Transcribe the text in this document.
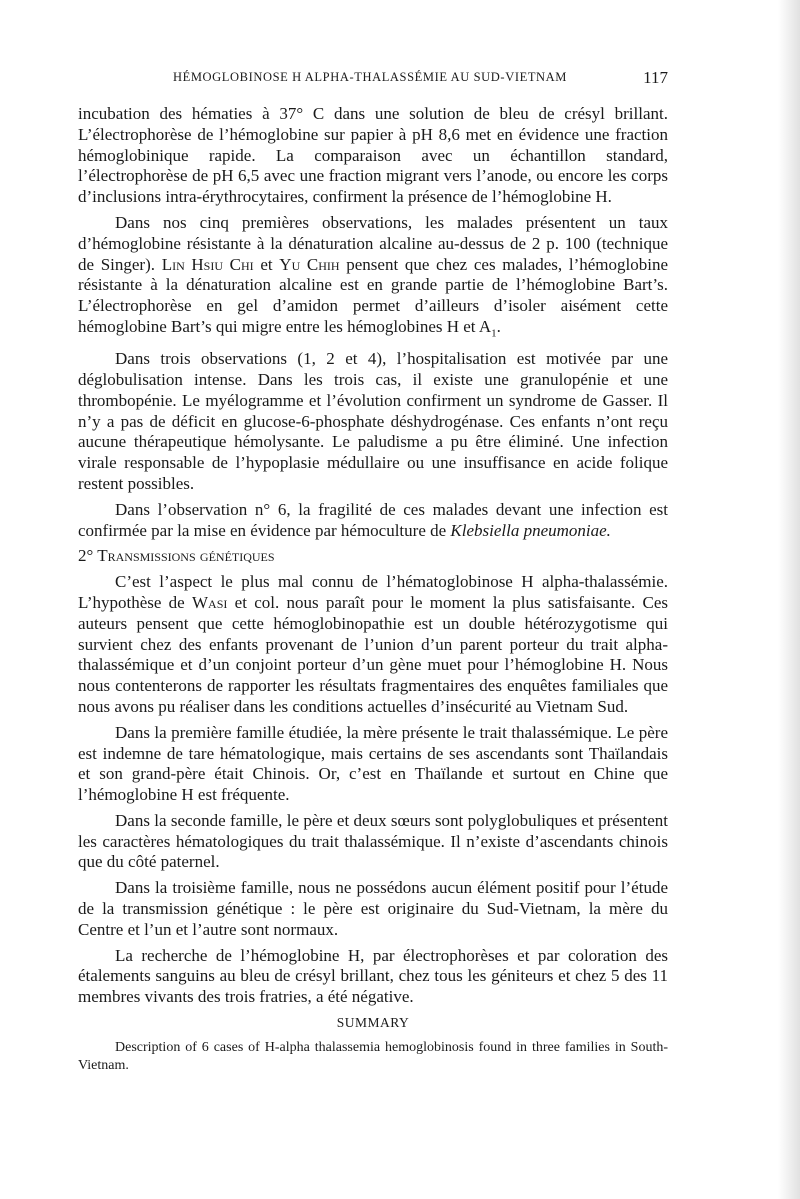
HÉMOGLOBINOSE H ALPHA-THALASSÉMIE AU SUD-VIETNAM	117

incubation des hématies à 37° C dans une solution de bleu de crésyl brillant. L’électrophorèse de l’hémoglobine sur papier à pH 8,6 met en évidence une fraction hémoglobinique rapide. La comparaison avec un échantillon standard, l’électrophorèse de pH 6,5 avec une fraction migrant vers l’anode, ou encore les corps d’inclusions intra-érythrocytaires, confirment la présence de l’hémoglobine H.

Dans nos cinq premières observations, les malades présentent un taux d’hémoglobine résistante à la dénaturation alcaline au-dessus de 2 p. 100 (technique de Singer). Lin Hsiu Chi et Yu Chih pensent que chez ces malades, l’hémoglobine résistante à la dénaturation alcaline est en grande partie de l’hémoglobine Bart’s. L’électrophorèse en gel d’amidon permet d’ailleurs d’isoler aisément cette hémoglobine Bart’s qui migre entre les hémoglobines H et $A_1$.

Dans trois observations (1, 2 et 4), l’hospitalisation est motivée par une déglobulisation intense. Dans les trois cas, il existe une granulopénie et une thrombopénie. Le myélogramme et l’évolution confirment un syndrome de Gasser. Il n’y a pas de déficit en glucose-6-phosphate déshydrogénase. Ces enfants n’ont reçu aucune thérapeutique hémolysante. Le paludisme a pu être éliminé. Une infection virale responsable de l’hypoplasie médullaire ou une insuffisance en acide folique restent possibles.

Dans l’observation n° 6, la fragilité de ces malades devant une infection est confirmée par la mise en évidence par hémoculture de Klebsiella pneumoniae.

2° Transmissions génétiques

C’est l’aspect le plus mal connu de l’hématoglobinose H alpha-thalassémie. L’hypothèse de Wasi et col. nous paraît pour le moment la plus satisfaisante. Ces auteurs pensent que cette hémoglobinopathie est un double hétérozygotisme qui survient chez des enfants provenant de l’union d’un parent porteur du trait alpha-thalassémique et d’un conjoint porteur d’un gène muet pour l’hémoglobine H. Nous nous contenterons de rapporter les résultats fragmentaires des enquêtes familiales que nous avons pu réaliser dans les conditions actuelles d’insécurité au Vietnam Sud.

Dans la première famille étudiée, la mère présente le trait thalassémique. Le père est indemne de tare hématologique, mais certains de ses ascendants sont Thaïlandais et son grand-père était Chinois. Or, c’est en Thaïlande et surtout en Chine que l’hémoglobine H est fréquente.

Dans la seconde famille, le père et deux sœurs sont polyglobuliques et présentent les caractères hématologiques du trait thalassémique. Il n’existe d’ascendants chinois que du côté paternel.

Dans la troisième famille, nous ne possédons aucun élément positif pour l’étude de la transmission génétique : le père est originaire du Sud-Vietnam, la mère du Centre et l’un et l’autre sont normaux.

La recherche de l’hémoglobine H, par électrophorèses et par coloration des étalements sanguins au bleu de crésyl brillant, chez tous les géniteurs et chez 5 des 11 membres vivants des trois fratries, a été négative.

SUMMARY

Description of 6 cases of H-alpha thalassemia hemoglobinosis found in three families in South-Vietnam.
